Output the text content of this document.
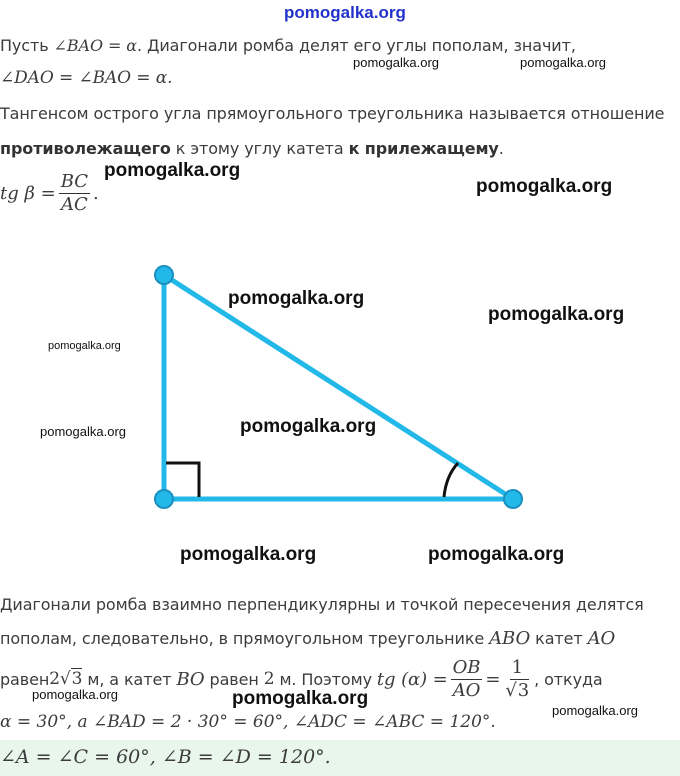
pomogalka.org
Пусть ∠BAO = α. Диагонали ромба делят его углы пополам, значит,
∠DAO = ∠BAO = α.
Тангенсом острого угла прямоугольного треугольника называется отношение
противолежащего к этому углу катета к прилежащему.
tg $\beta = \frac{BC}{AC}$ .
Диагонали ромба взаимно перпендикулярны и точкой пересечения делятся
пополам, следовательно, в прямоугольном треугольнике ABO катет AO
равен 2√3 м, а катет BO равен 2 м. Поэтому tg $(\alpha) = \frac{OB}{AO} = \frac{1}{√3}$ , откуда
α = 30°, а ∠BAD = 2 · 30° = 60°, ∠ADC = ∠ABC = 120°.
∠A = ∠C = 60°, ∠B = ∠D = 120°.
pomogalka.org	pomogalka.org
pomogalka.org
pomogalka.org
pomogalka.org
pomogalka.org
pomogalka.org
pomogalka.org	pomogalka.org
pomogalka.org	pomogalka.org
pomogalka.org	pomogalka.org
pomogalka.org
